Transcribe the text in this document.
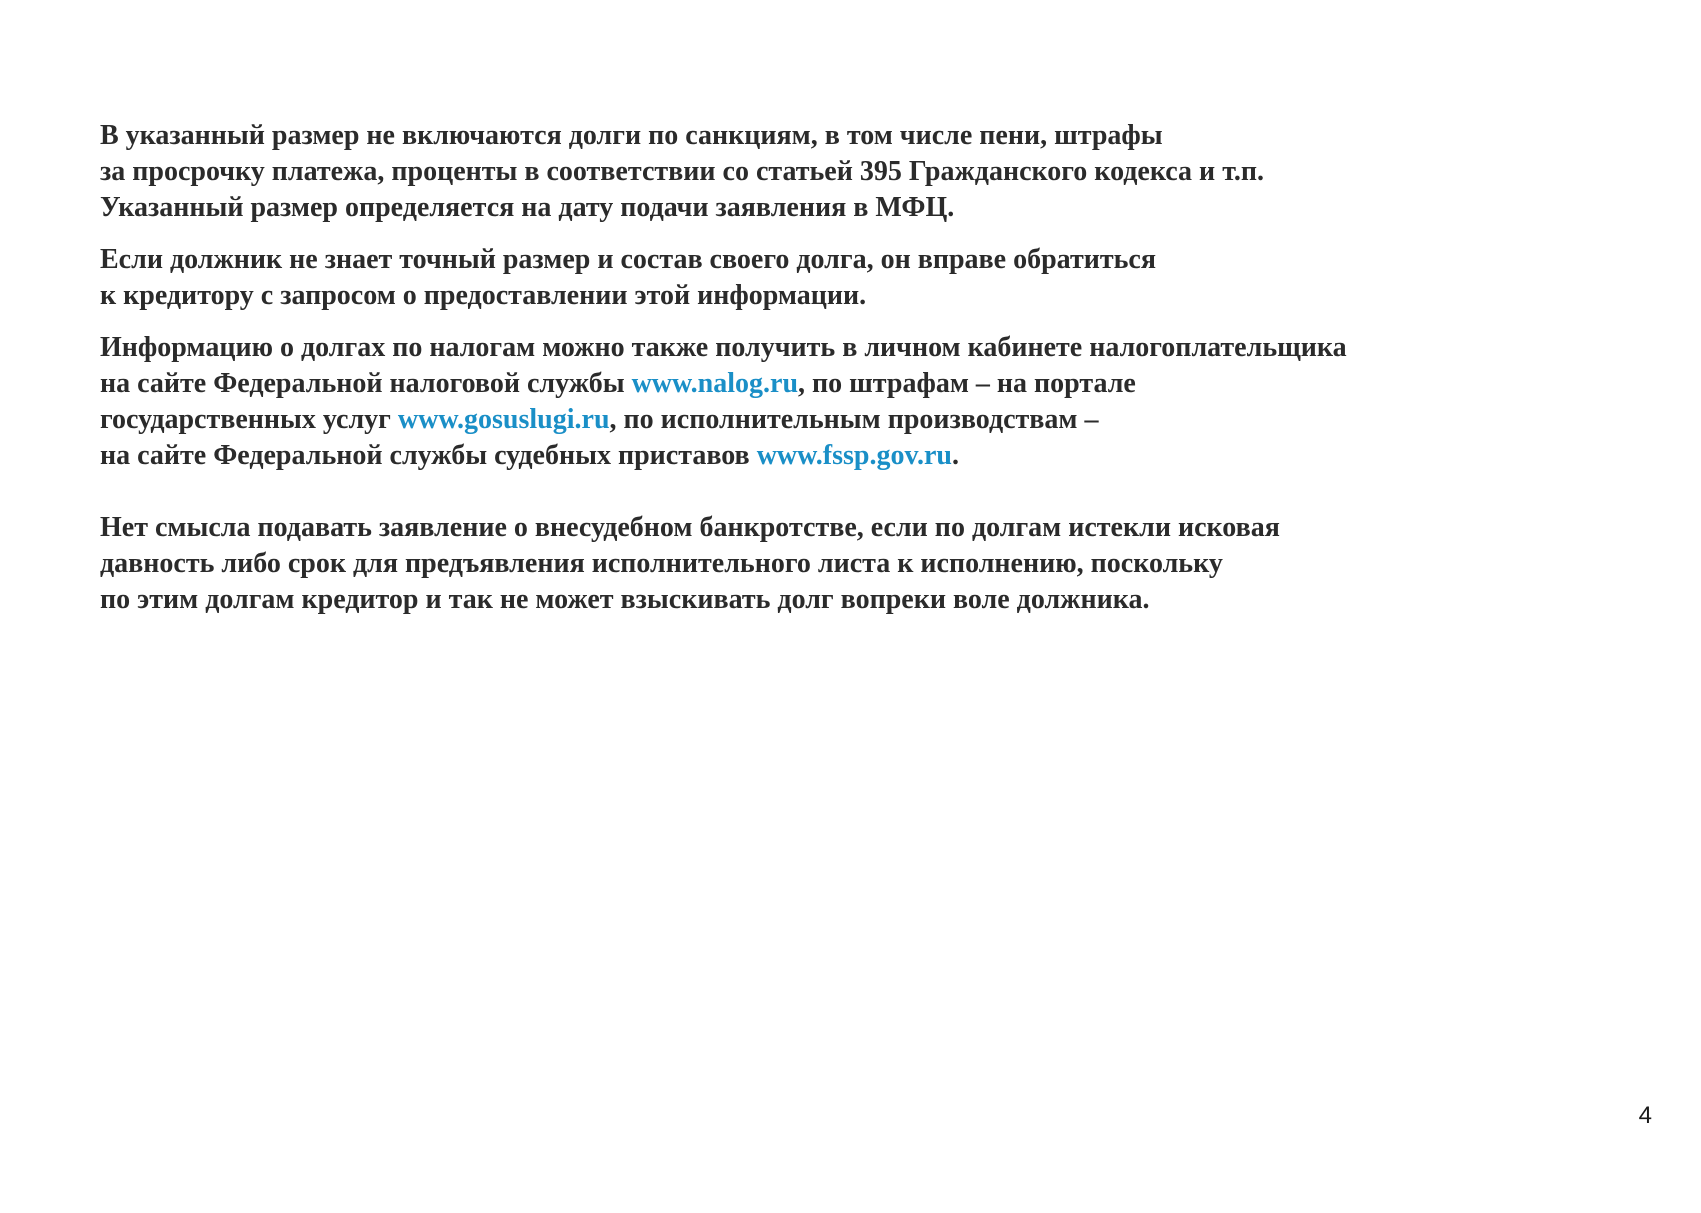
В указанный размер не включаются долги по санкциям, в том числе пени, штрафы
за просрочку платежа, проценты в соответствии со статьей 395 Гражданского кодекса и т.п.
Указанный размер определяется на дату подачи заявления в МФЦ.

Если должник не знает точный размер и состав своего долга, он вправе обратиться
к кредитору с запросом о предоставлении этой информации.

Информацию о долгах по налогам можно также получить в личном кабинете налогоплательщика
на сайте Федеральной налоговой службы www.nalog.ru, по штрафам – на портале
государственных услуг www.gosuslugi.ru, по исполнительным производствам –
на сайте Федеральной службы судебных приставов www.fssp.gov.ru.

Нет смысла подавать заявление о внесудебном банкротстве, если по долгам истекли исковая
давность либо срок для предъявления исполнительного листа к исполнению, поскольку
по этим долгам кредитор и так не может взыскивать долг вопреки воле должника.

4
